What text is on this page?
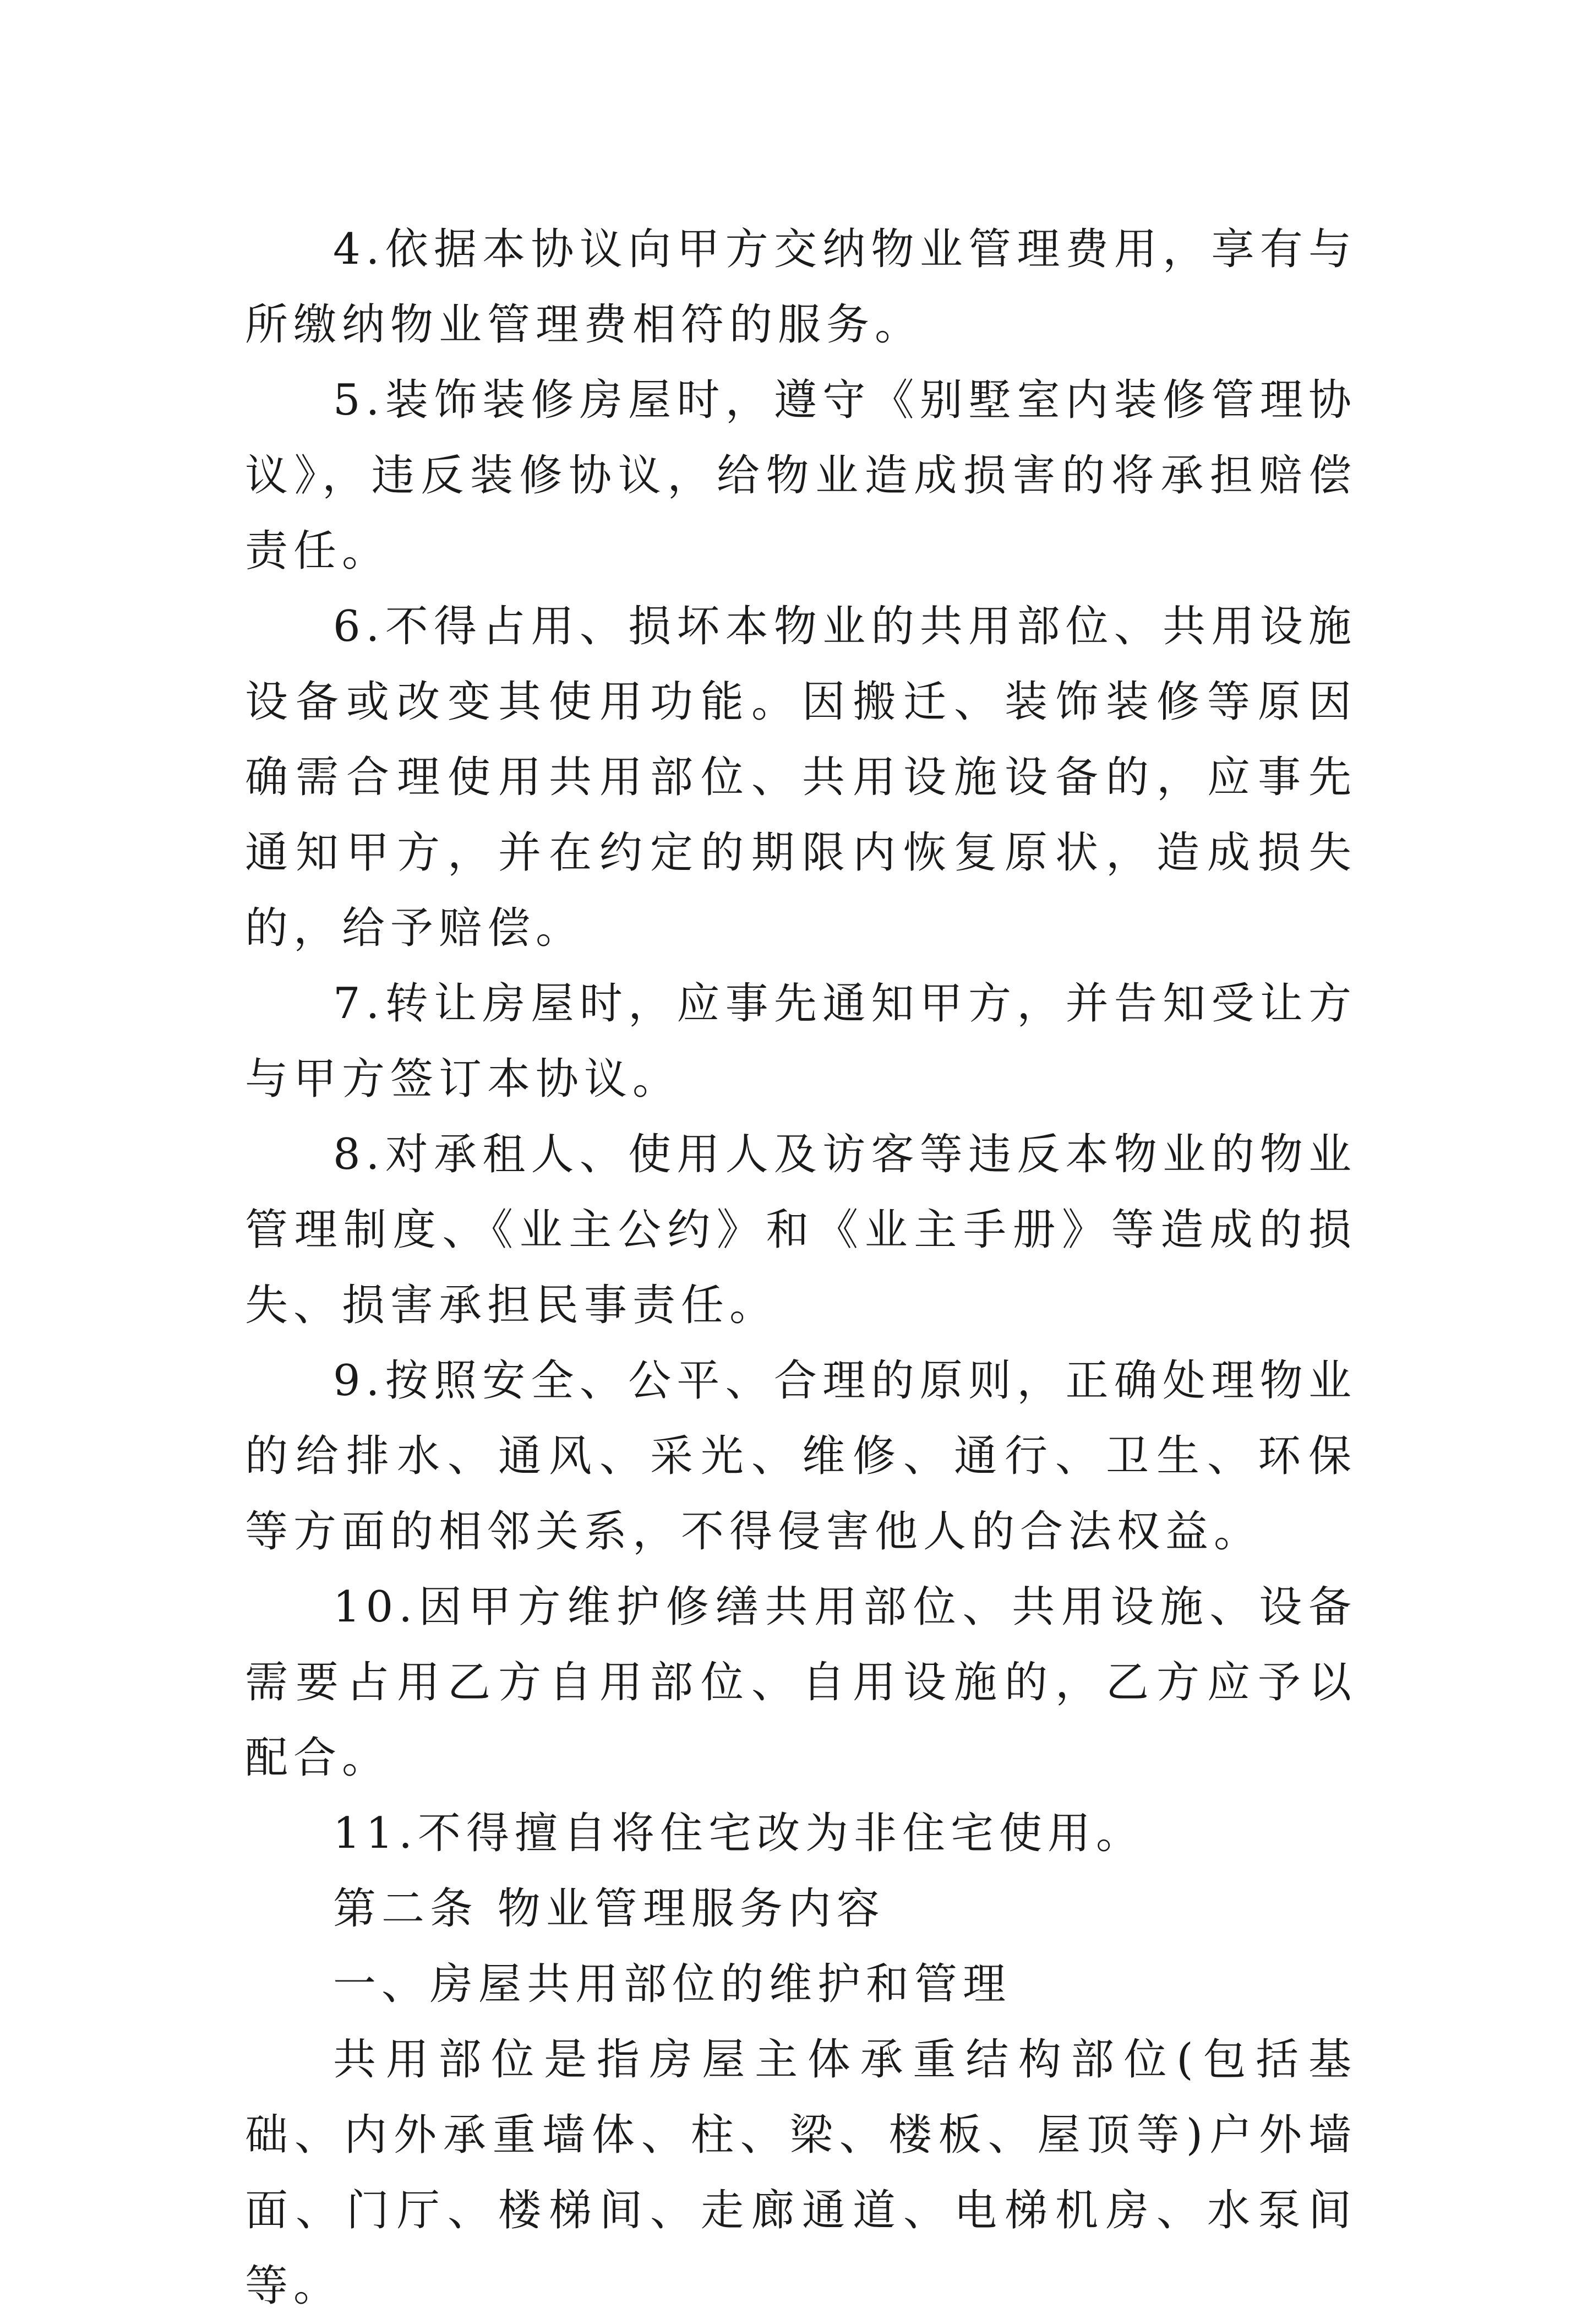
4.依据本协议向甲方交纳物业管理费用，享有与所缴纳物业管理费相符的服务。

5.装饰装修房屋时，遵守《别墅室内装修管理协议》，违反装修协议，给物业造成损害的将承担赔偿责任。

6.不得占用、损坏本物业的共用部位、共用设施设备或改变其使用功能。因搬迁、装饰装修等原因确需合理使用共用部位、共用设施设备的，应事先通知甲方，并在约定的期限内恢复原状，造成损失的，给予赔偿。

7.转让房屋时，应事先通知甲方，并告知受让方与甲方签订本协议。

8.对承租人、使用人及访客等违反本物业的物业管理制度、《业主公约》和《业主手册》等造成的损失、损害承担民事责任。

9.按照安全、公平、合理的原则，正确处理物业的给排水、通风、采光、维修、通行、卫生、环保等方面的相邻关系，不得侵害他人的合法权益。

10.因甲方维护修缮共用部位、共用设施、设备需要占用乙方自用部位、自用设施的，乙方应予以配合。

11.不得擅自将住宅改为非住宅使用。

第二条 物业管理服务内容

一、房屋共用部位的维护和管理

共用部位是指房屋主体承重结构部位(包括基础、内外承重墙体、柱、梁、楼板、屋顶等)户外墙面、门厅、楼梯间、走廊通道、电梯机房、水泵间等。
